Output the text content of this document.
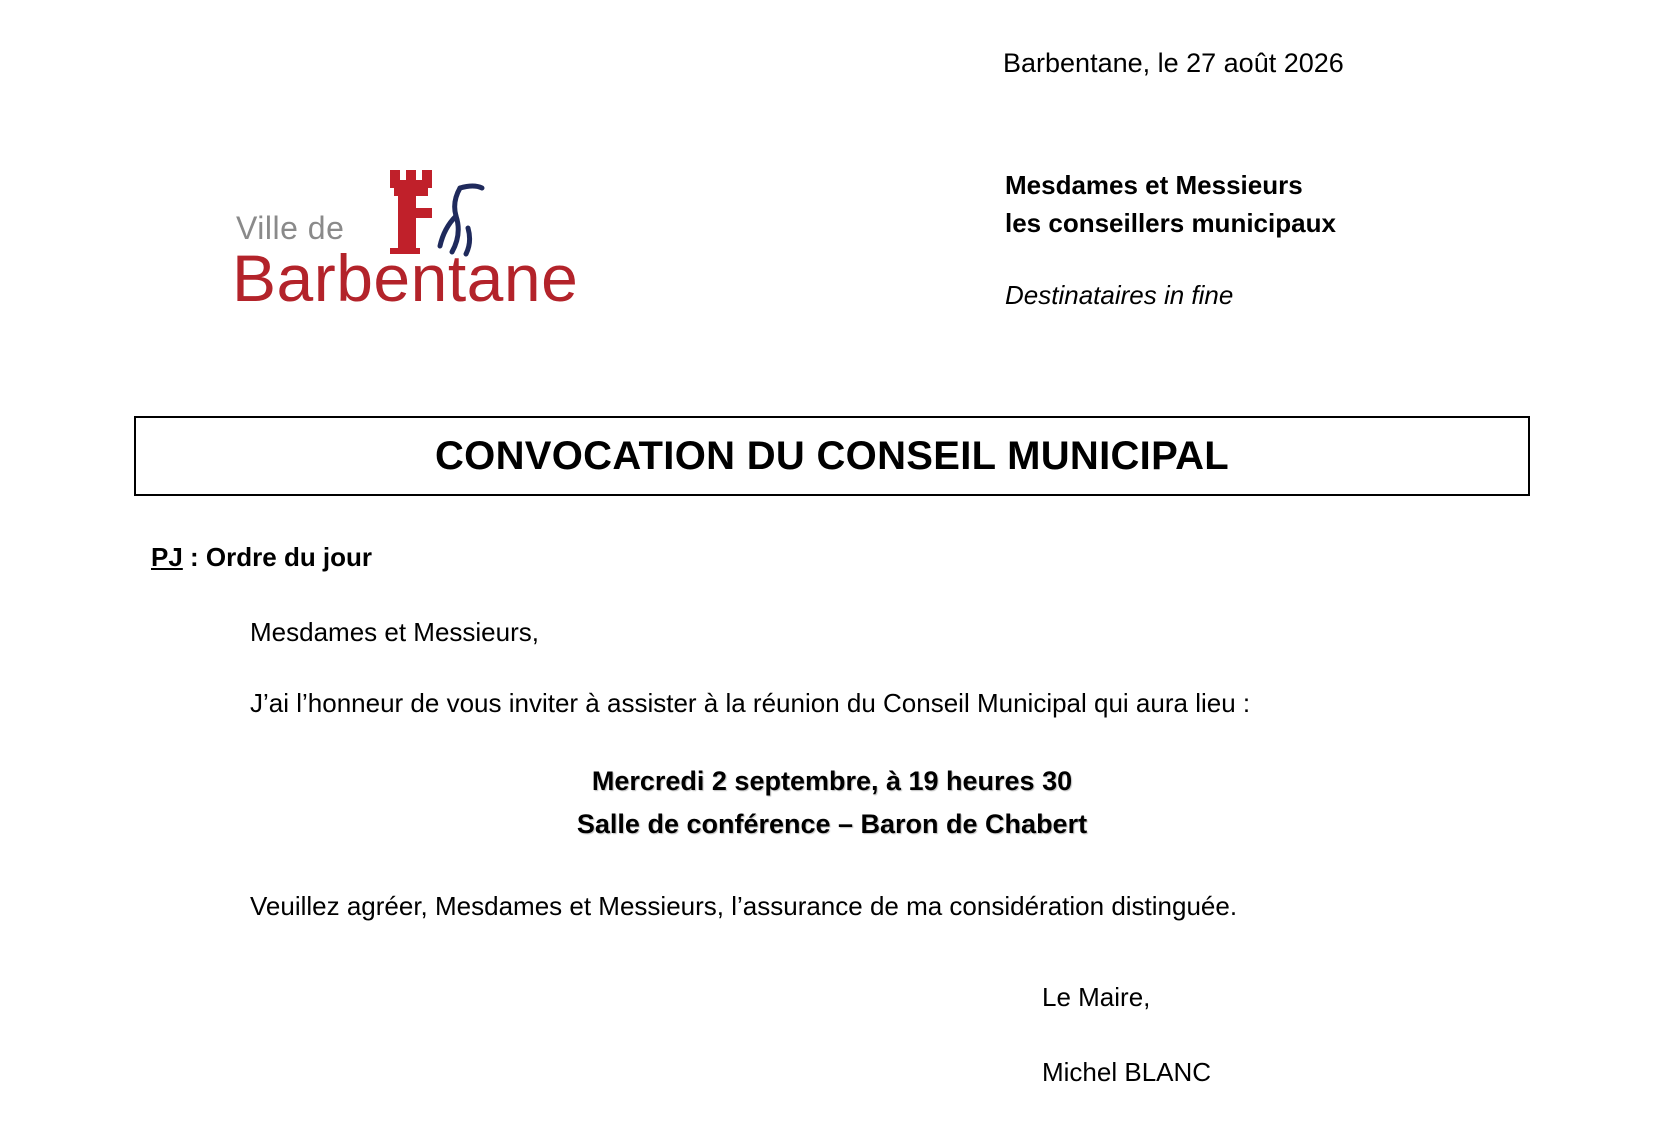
Barbentane, le 27 août 2026
Ville de
Barbentane
Mesdames et Messieurs
les conseillers municipaux
Destinataires in fine
CONVOCATION DU CONSEIL MUNICIPAL
PJ : Ordre du jour
Mesdames et Messieurs,
J’ai l’honneur de vous inviter à assister à la réunion du Conseil Municipal qui aura lieu :
Mercredi 2 septembre, à 19 heures 30
Salle de conférence – Baron de Chabert
Veuillez agréer, Mesdames et Messieurs, l’assurance de ma considération distinguée.
Le Maire,
Michel BLANC
